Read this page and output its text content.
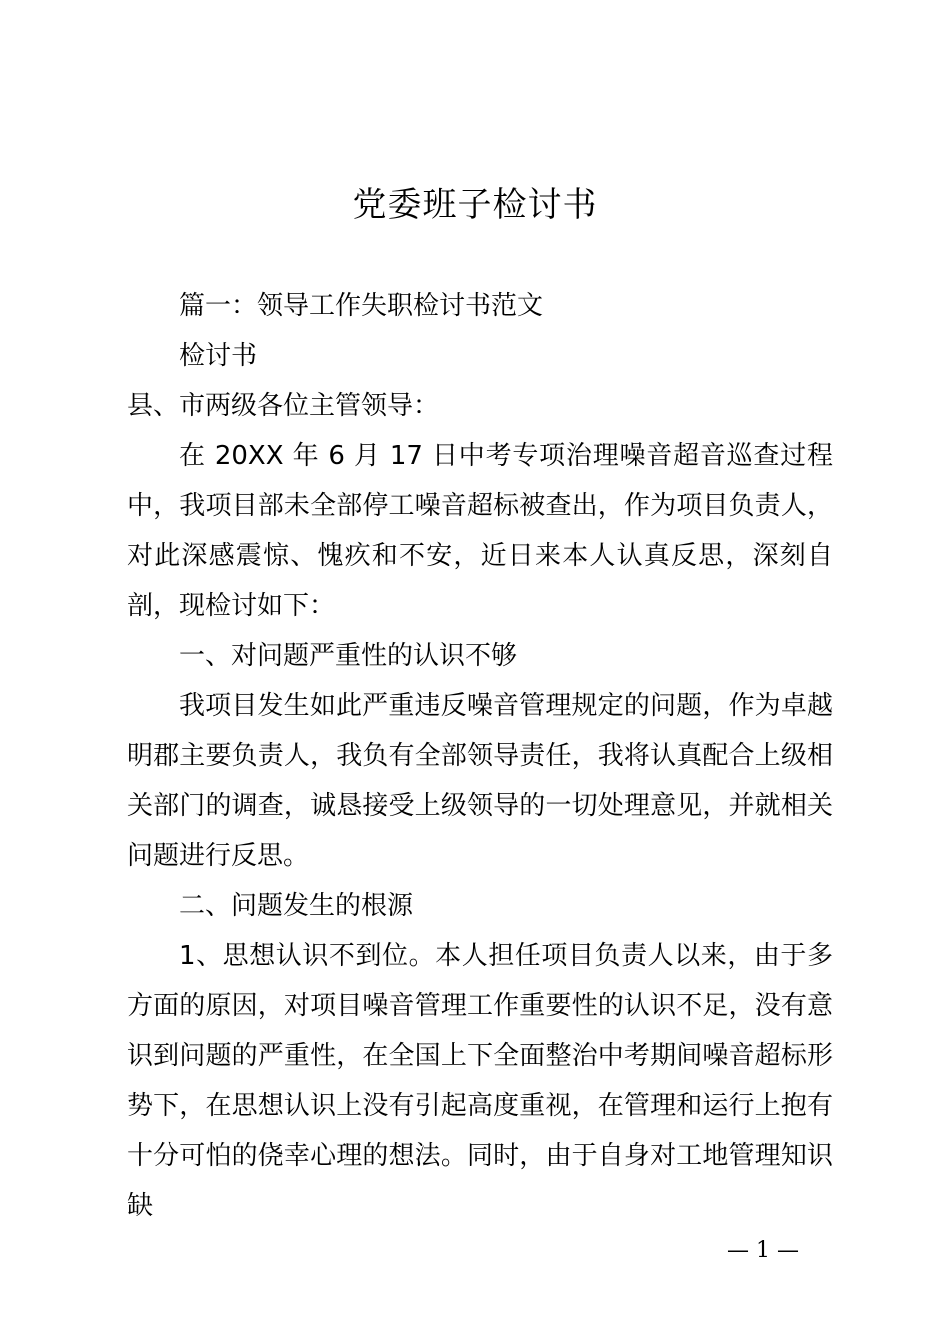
党委班子检讨书

篇一：领导工作失职检讨书范文

检讨书

县、市两级各位主管领导：

在 20XX 年 6 月 17 日中考专项治理噪音超音巡查过程中，我项目部未全部停工噪音超标被查出，作为项目负责人，对此深感震惊、愧疚和不安，近日来本人认真反思，深刻自剖，现检讨如下：

一、对问题严重性的认识不够

我项目发生如此严重违反噪音管理规定的问题，作为卓越明郡主要负责人，我负有全部领导责任，我将认真配合上级相关部门的调查，诚恳接受上级领导的一切处理意见，并就相关问题进行反思。

二、问题发生的根源

1、思想认识不到位。本人担任项目负责人以来，由于多方面的原因，对项目噪音管理工作重要性的认识不足，没有意识到问题的严重性，在全国上下全面整治中考期间噪音超标形势下，在思想认识上没有引起高度重视，在管理和运行上抱有十分可怕的侥幸心理的想法。同时，由于自身对工地管理知识缺

— 1 —
